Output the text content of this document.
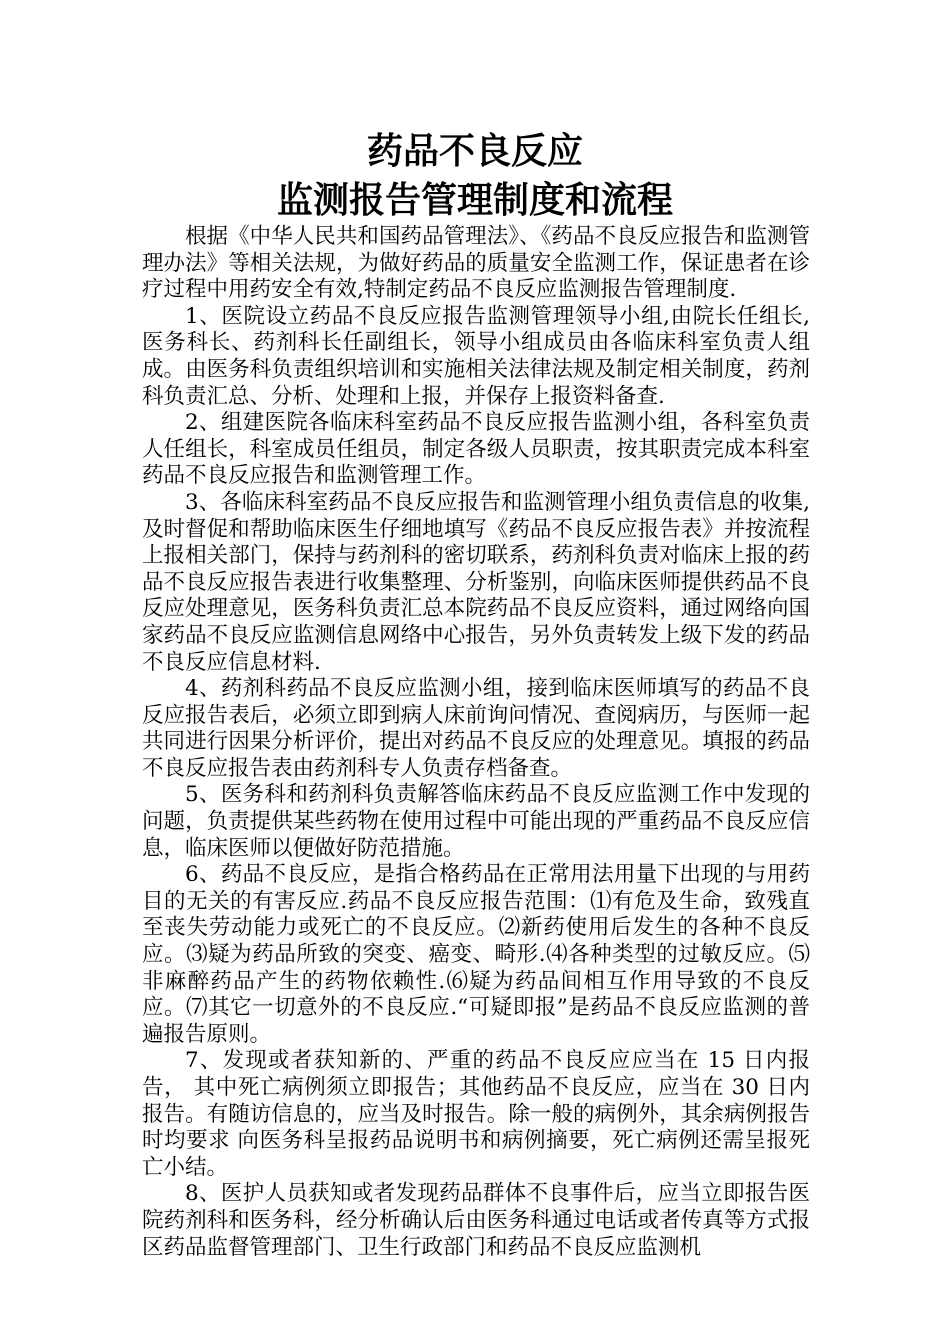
药品不良反应
监测报告管理制度和流程

根据《中华人民共和国药品管理法》、《药品不良反应报告和监测管理办法》等相关法规，为做好药品的质量安全监测工作，保证患者在诊疗过程中用药安全有效,特制定药品不良反应监测报告管理制度.

1、医院设立药品不良反应报告监测管理领导小组,由院长任组长,医务科长、药剂科长任副组长，领导小组成员由各临床科室负责人组成。由医务科负责组织培训和实施相关法律法规及制定相关制度，药剂科负责汇总、分析、处理和上报，并保存上报资料备查.

2、组建医院各临床科室药品不良反应报告监测小组，各科室负责人任组长，科室成员任组员，制定各级人员职责，按其职责完成本科室药品不良反应报告和监测管理工作。

3、各临床科室药品不良反应报告和监测管理小组负责信息的收集,及时督促和帮助临床医生仔细地填写《药品不良反应报告表》并按流程上报相关部门，保持与药剂科的密切联系，药剂科负责对临床上报的药品不良反应报告表进行收集整理、分析鉴别，向临床医师提供药品不良反应处理意见，医务科负责汇总本院药品不良反应资料，通过网络向国家药品不良反应监测信息网络中心报告，另外负责转发上级下发的药品不良反应信息材料.

4、药剂科药品不良反应监测小组，接到临床医师填写的药品不良反应报告表后，必须立即到病人床前询问情况、查阅病历，与医师一起共同进行因果分析评价，提出对药品不良反应的处理意见。填报的药品不良反应报告表由药剂科专人负责存档备查。

5、医务科和药剂科负责解答临床药品不良反应监测工作中发现的问题，负责提供某些药物在使用过程中可能出现的严重药品不良反应信息，临床医师以便做好防范措施。

6、药品不良反应，是指合格药品在正常用法用量下出现的与用药目的无关的有害反应.药品不良反应报告范围：⑴有危及生命，致残直至丧失劳动能力或死亡的不良反应。⑵新药使用后发生的各种不良反应。⑶疑为药品所致的突变、癌变、畸形.⑷各种类型的过敏反应。⑸ 非麻醉药品产生的药物依赖性.⑹疑为药品间相互作用导致的不良反应。⑺其它一切意外的不良反应.“可疑即报”是药品不良反应监测的普遍报告原则。

7、发现或者获知新的、严重的药品不良反应应当在 15 日内报告， 其中死亡病例须立即报告；其他药品不良反应，应当在 30 日内报告。有随访信息的，应当及时报告。除一般的病例外，其余病例报告时均要求 向医务科呈报药品说明书和病例摘要，死亡病例还需呈报死亡小结。

8、医护人员获知或者发现药品群体不良事件后，应当立即报告医 院药剂科和医务科，经分析确认后由医务科通过电话或者传真等方式报区药品监督管理部门、卫生行政部门和药品不良反应监测机
